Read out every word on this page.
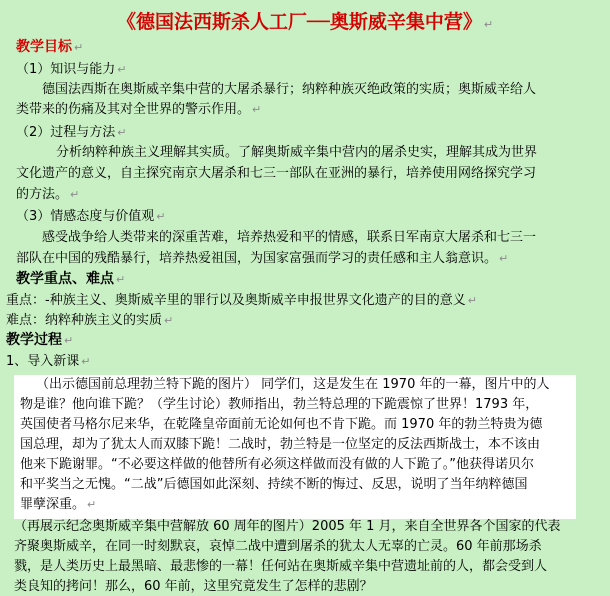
《德国法西斯杀人工厂──奥斯威辛集中营》 ↵
教学目标 ↵
（1）知识与能力 ↵
德国法西斯在奥斯威辛集中营的大屠杀暴行；纳粹种族灭绝政策的实质；奥斯威辛给人
类带来的伤痛及其对全世界的警示作用。 ↵
（2）过程与方法 ↵
分析纳粹种族主义理解其实质。了解奥斯威辛集中营内的屠杀史实，理解其成为世界
文化遗产的意义，自主探究南京大屠杀和七三一部队在亚洲的暴行，培养使用网络探究学习
的方法。 ↵
（3）情感态度与价值观 ↵
感受战争给人类带来的深重苦难，培养热爱和平的情感，联系日军南京大屠杀和七三一
部队在中国的残酷暴行，培养热爱祖国，为国家富强而学习的责任感和主人翁意识。 ↵
教学重点、难点 ↵
重点：-种族主义、奥斯威辛里的罪行以及奥斯威辛申报世界文化遗产的目的意义 ↵
难点：纳粹种族主义的实质 ↵
教学过程 ↵
1、导入新课 ↵
（出示德国前总理勃兰特下跪的图片） 同学们，这是发生在 1970 年的一幕，图片中的人
物是谁？他向谁下跪？（学生讨论）教师指出，勃兰特总理的下跪震惊了世界！1793 年，
英国使者马格尔尼来华，在乾隆皇帝面前无论如何也不肯下跪。而 1970 年的勃兰特贵为德
国总理，却为了犹太人而双膝下跪！二战时，勃兰特是一位坚定的反法西斯战士，本不该由
他来下跪谢罪。“不必要这样做的他替所有必须这样做而没有做的人下跪了。”他获得诺贝尔
和平奖当之无愧。“二战”后德国如此深刻、持续不断的悔过、反思，说明了当年纳粹德国
罪孽深重。 ↵
（再展示纪念奥斯威辛集中营解放 60 周年的图片）2005 年 1 月，来自全世界各个国家的代表
齐聚奥斯威辛，在同一时刻默哀，哀悼二战中遭到屠杀的犹太人无辜的亡灵。60 年前那场杀
戮，是人类历史上最黑暗、最悲惨的一幕！任何站在奥斯威辛集中营遗址前的人，都会受到人
类良知的拷问！那么，60 年前，这里究竟发生了怎样的悲剧？
